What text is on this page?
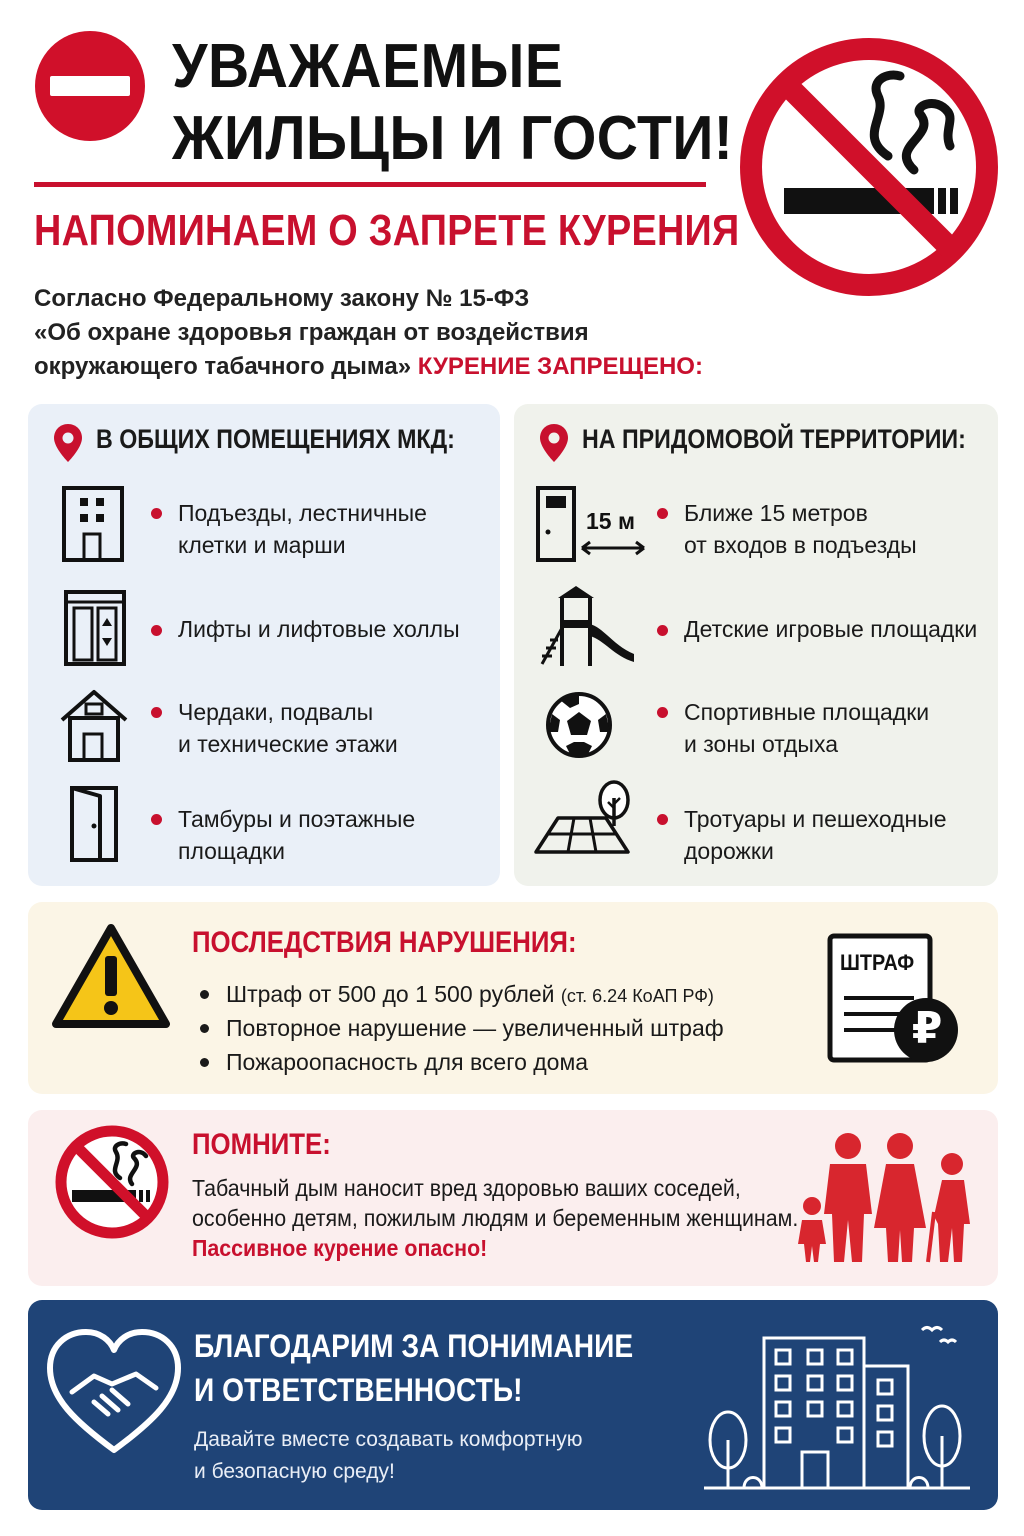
УВАЖАЕМЫЕ
ЖИЛЬЦЫ И ГОСТИ!
НАПОМИНАЕМ О ЗАПРЕТЕ КУРЕНИЯ
Согласно Федеральному закону № 15-ФЗ
«Об охране здоровья граждан от воздействия
окружающего табачного дыма» КУРЕНИЕ ЗАПРЕЩЕНО:
В ОБЩИХ ПОМЕЩЕНИЯХ МКД:
Подъезды, лестничные
клетки и марши
Лифты и лифтовые холлы
Чердаки, подвалы
и технические этажи
Тамбуры и поэтажные
площадки
НА ПРИДОМОВОЙ ТЕРРИТОРИИ:
15 м Ближе 15 метров
от входов в подъезды
Детские игровые площадки
Спортивные площадки
и зоны отдыха
Тротуары и пешеходные
дорожки
ПОСЛЕДСТВИЯ НАРУШЕНИЯ:
Штраф от 500 до 1 500 рублей (ст. 6.24 КоАП РФ)
Повторное нарушение — увеличенный штраф
Пожароопасность для всего дома
ШТРАФ
₽
ПОМНИТЕ:
Табачный дым наносит вред здоровью ваших соседей,
особенно детям, пожилым людям и беременным женщинам.
Пассивное курение опасно!
БЛАГОДАРИМ ЗА ПОНИМАНИЕ
И ОТВЕТСТВЕННОСТЬ!
Давайте вместе создавать комфортную
и безопасную среду!
